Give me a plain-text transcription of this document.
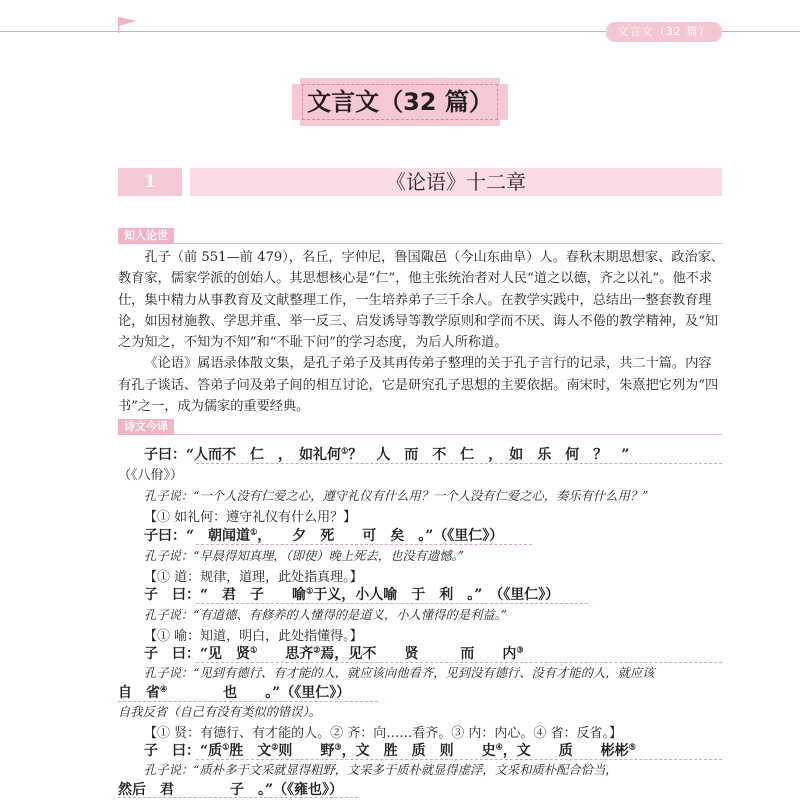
文言文（32 篇）
文言文（32 篇）
1	《论语》十二章
知人论世

孔子（前 551—前 479），名丘，字仲尼，鲁国陬邑（今山东曲阜）人。春秋末期思想家、政治家、教育家，儒家学派的创始人。其思想核心是“仁”，他主张统治者对人民“道之以德，齐之以礼”。他不求仕，集中精力从事教育及文献整理工作，一生培养弟子三千余人。在教学实践中，总结出一整套教育理论，如因材施教、学思并重、举一反三、启发诱导等教学原则和学而不厌、诲人不倦的教学精神，及“知之为知之，不知为不知”和“不耻下问”的学习态度，为后人所称道。

《论语》属语录体散文集，是孔子弟子及其再传弟子整理的关于孔子言行的记录，共二十篇。内容有孔子谈话、答弟子问及弟子间的相互讨论，它是研究孔子思想的主要依据。南宋时，朱熹把它列为“四书”之一，成为儒家的重要经典。

诗文今译
子曰：“人而不　仁　，　如礼何①？　人　而　不　仁　，　如　乐　何　？　”
（《八佾》）
孔子说：“一个人没有仁爱之心，遵守礼仪有什么用？一个人没有仁爱之心，奏乐有什么用？”
【① 如礼何：遵守礼仪有什么用？】
子曰：“　朝闻道①，　　夕　死　　可　矣　。”（《里仁》）
孔子说：“早晨得知真理，（即使）晚上死去，也没有遗憾。”
【① 道：规律，道理，此处指真理。】
子　曰：“　君　子　　喻①于义，小人喻　于　利　。”　（《里仁》）
孔子说：“有道德、有修养的人懂得的是道义，小人懂得的是利益。”
【① 喻：知道，明白，此处指懂得。】
子　曰：“见　贤①　　思齐②焉，见不　　贤　　　而　　内③
孔子说：“见到有德行、有才能的人，就应该向他看齐，见到没有德行、没有才能的人，就应该
自　省④　　　　也　　。”（《里仁》）
自我反省（自己有没有类似的错误）。
【① 贤：有德行、有才能的人。② 齐：向……看齐。③ 内：内心。④ 省：反省。】
子　曰：“质①胜　文②则　　野③，文　胜　质　则　　史④，文　　质　　彬彬⑤
孔子说：“质朴多于文采就显得粗野，文采多于质朴就显得虚浮，文采和质朴配合恰当，
然后　君　　　　子　。”（《雍也》）
